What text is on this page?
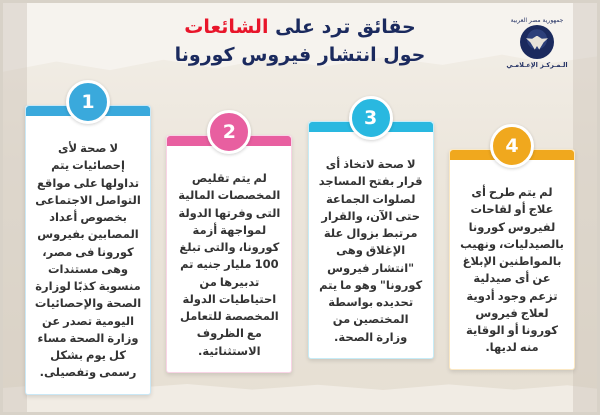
حقائق ترد على الشائعات
حول انتشار فيروس كورونا
جمهورية مصر العربية
الـمـركـز الإعـلامـي
1
لا صحة لأى إحصائيات يتم تداولها على مواقع التواصل الاجتماعى بخصوص أعداد المصابين بفيروس كورونا فى مصر، وهى مستندات منسوبة كذبًا لوزارة الصحة والإحصائيات اليومية تصدر عن وزارة الصحة مساء كل يوم بشكل رسمى وتفصيلى.
2
لم يتم تقليص المخصصات المالية التى وفرتها الدولة لمواجهة أزمة كورونا، والتى تبلغ 100 مليار جنيه تم تدبيرها من احتياطيات الدولة المخصصة للتعامل مع الظروف الاستثنائية.
3
لا صحة لاتخاذ أى قرار بفتح المساجد لصلوات الجماعة حتى الآن، والقرار مرتبط بزوال علة الإغلاق وهى "انتشار فيروس كورونا" وهو ما يتم تحديده بواسطة المختصين من وزارة الصحة.
4
لم يتم طرح أى علاج أو لقاحات لفيروس كورونا بالصيدليات، ونهيب بالمواطنين الإبلاغ عن أى صيدلية تزعم وجود أدوية لعلاج فيروس كورونا أو الوقاية منه لديها.
